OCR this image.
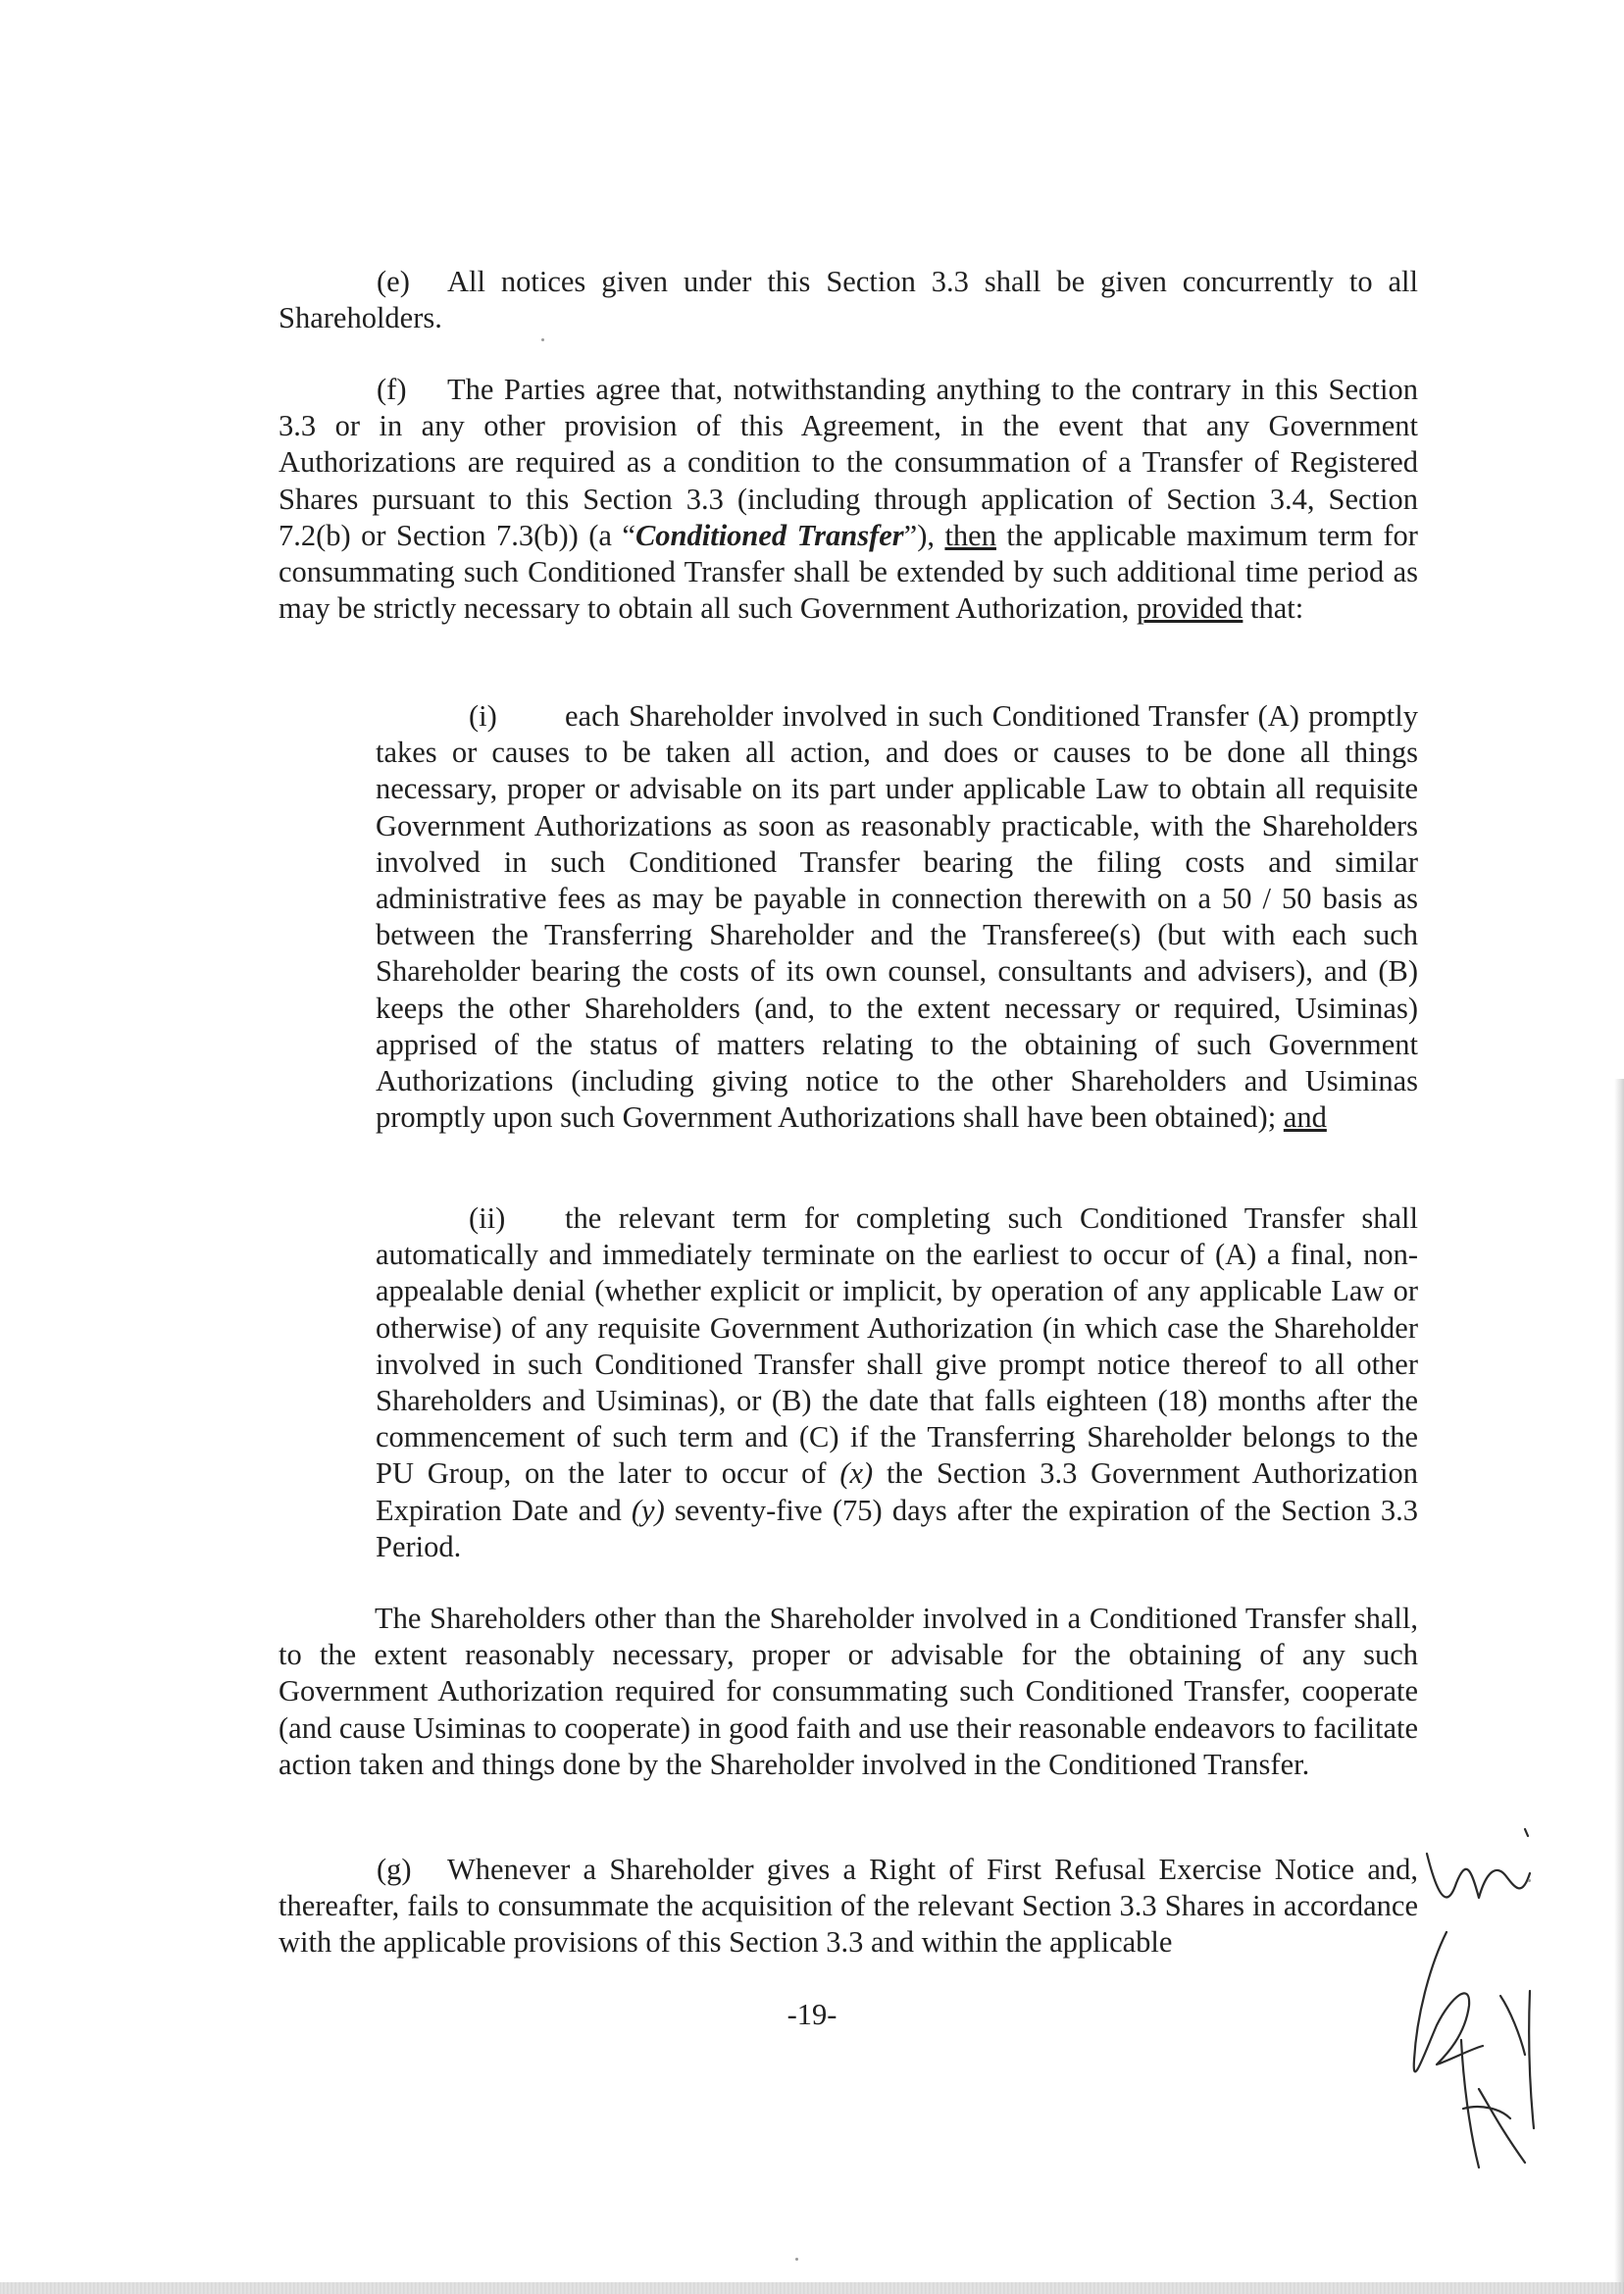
(e) All notices given under this Section 3.3 shall be given concurrently to all Shareholders.
(f) The Parties agree that, notwithstanding anything to the contrary in this Section 3.3 or in any other provision of this Agreement, in the event that any Government Authorizations are required as a condition to the consummation of a Transfer of Registered Shares pursuant to this Section 3.3 (including through application of Section 3.4, Section 7.2(b) or Section 7.3(b)) (a “Conditioned Transfer”), then the applicable maximum term for consummating such Conditioned Transfer shall be extended by such additional time period as may be strictly necessary to obtain all such Government Authorization, provided that:
(i) each Shareholder involved in such Conditioned Transfer (A) promptly takes or causes to be taken all action, and does or causes to be done all things necessary, proper or advisable on its part under applicable Law to obtain all requisite Government Authorizations as soon as reasonably practicable, with the Shareholders involved in such Conditioned Transfer bearing the filing costs and similar administrative fees as may be payable in connection therewith on a 50 / 50 basis as between the Transferring Shareholder and the Transferee(s) (but with each such Shareholder bearing the costs of its own counsel, consultants and advisers), and (B) keeps the other Shareholders (and, to the extent necessary or required, Usiminas) apprised of the status of matters relating to the obtaining of such Government Authorizations (including giving notice to the other Shareholders and Usiminas promptly upon such Government Authorizations shall have been obtained); and
(ii) the relevant term for completing such Conditioned Transfer shall automatically and immediately terminate on the earliest to occur of (A) a final, non-appealable denial (whether explicit or implicit, by operation of any applicable Law or otherwise) of any requisite Government Authorization (in which case the Shareholder involved in such Conditioned Transfer shall give prompt notice thereof to all other Shareholders and Usiminas), or (B) the date that falls eighteen (18) months after the commencement of such term and (C) if the Transferring Shareholder belongs to the PU Group, on the later to occur of (x) the Section 3.3 Government Authorization Expiration Date and (y) seventy-five (75) days after the expiration of the Section 3.3 Period.
The Shareholders other than the Shareholder involved in a Conditioned Transfer shall, to the extent reasonably necessary, proper or advisable for the obtaining of any such Government Authorization required for consummating such Conditioned Transfer, cooperate (and cause Usiminas to cooperate) in good faith and use their reasonable endeavors to facilitate action taken and things done by the Shareholder involved in the Conditioned Transfer.
(g) Whenever a Shareholder gives a Right of First Refusal Exercise Notice and, thereafter, fails to consummate the acquisition of the relevant Section 3.3 Shares in accordance with the applicable provisions of this Section 3.3 and within the applicable
-19-
